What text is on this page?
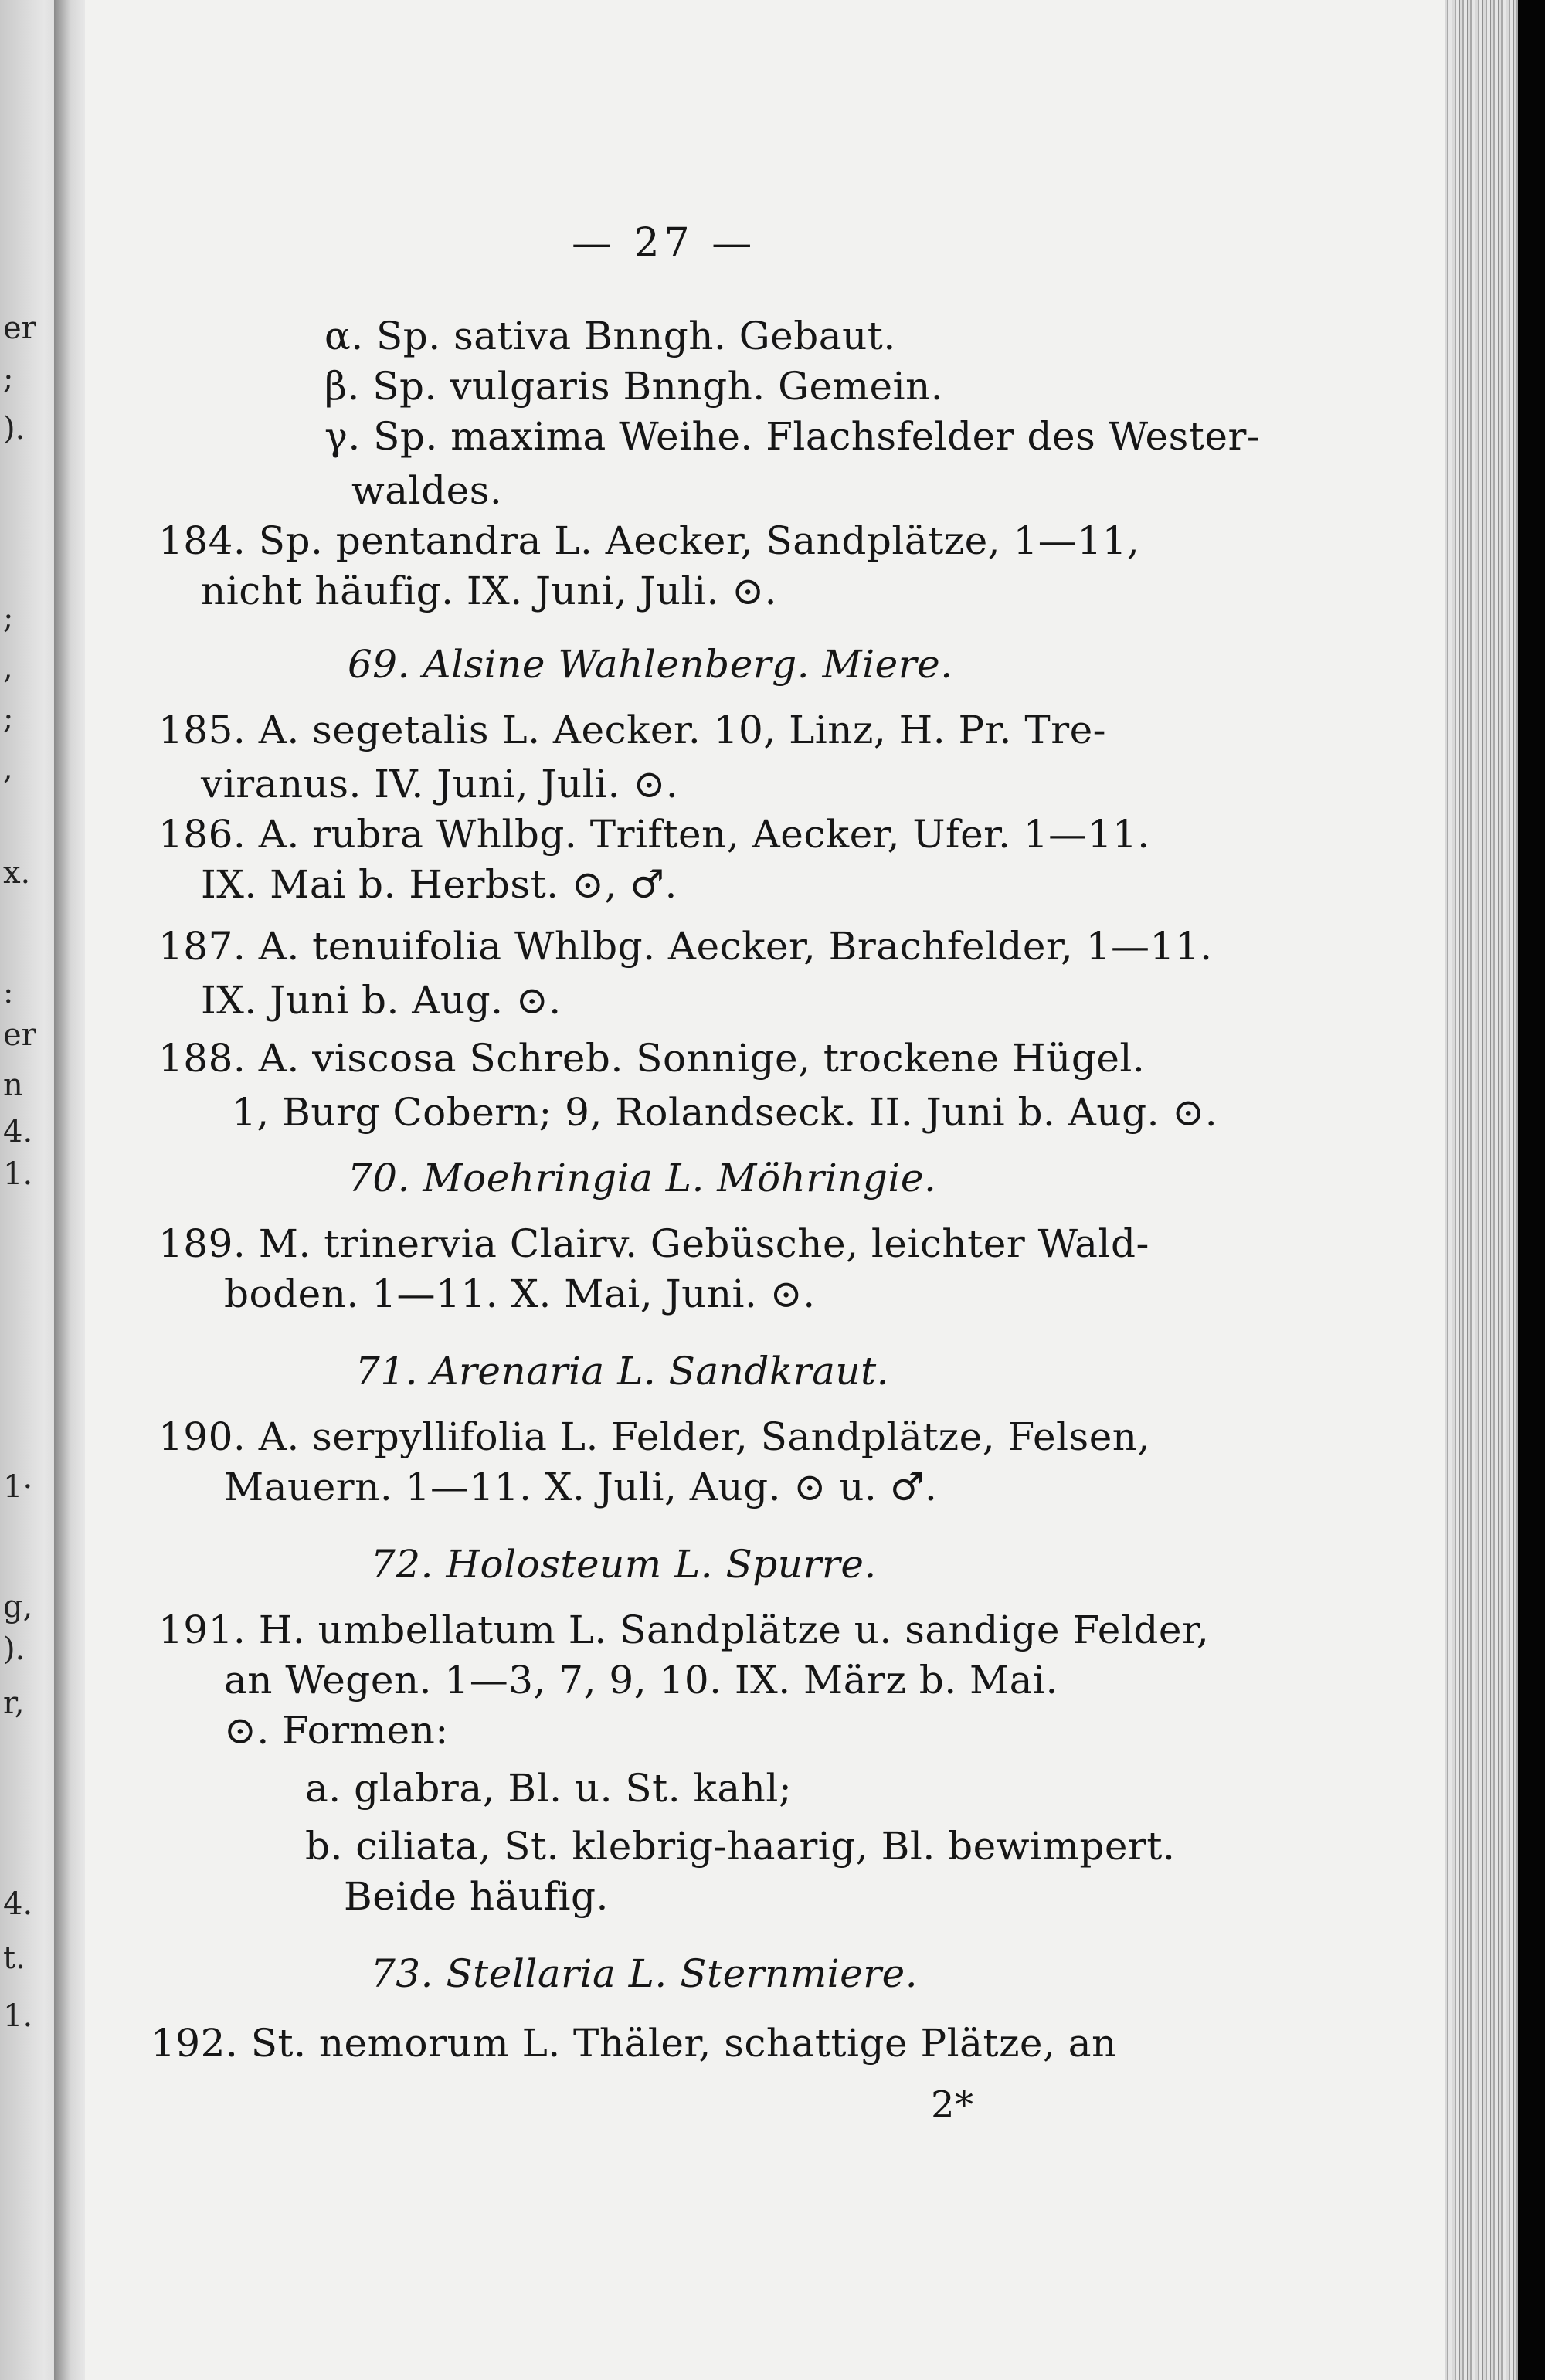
er
;
).
;
,
;
,
x.
:
er
n
4.
1.
1·
g,
).
r,
4.
t.
1.
— 27 —
α. Sp. sativa Bnngh. Gebaut.
β. Sp. vulgaris Bnngh. Gemein.
γ. Sp. maxima Weihe. Flachsfelder des Wester-
waldes.
184. Sp. pentandra L. Aecker, Sandplätze, 1—11,
nicht häufig. IX. Juni, Juli. ⊙.
69. Alsine Wahlenberg. Miere.
185. A. segetalis L. Aecker. 10, Linz, H. Pr. Tre-
viranus. IV. Juni, Juli. ⊙.
186. A. rubra Whlbg. Triften, Aecker, Ufer. 1—11.
IX. Mai b. Herbst. ⊙, ♂.
187. A. tenuifolia Whlbg. Aecker, Brachfelder, 1—11.
IX. Juni b. Aug. ⊙.
188. A. viscosa Schreb. Sonnige, trockene Hügel.
1, Burg Cobern; 9, Rolandseck. II. Juni b. Aug. ⊙.
70. Moehringia L. Möhringie.
189. M. trinervia Clairv. Gebüsche, leichter Wald-
boden. 1—11. X. Mai, Juni. ⊙.
71. Arenaria L. Sandkraut.
190. A. serpyllifolia L. Felder, Sandplätze, Felsen,
Mauern. 1—11. X. Juli, Aug. ⊙ u. ♂.
72. Holosteum L. Spurre.
191. H. umbellatum L. Sandplätze u. sandige Felder,
an Wegen. 1—3, 7, 9, 10. IX. März b. Mai.
⊙. Formen:
a. glabra, Bl. u. St. kahl;
b. ciliata, St. klebrig-haarig, Bl. bewimpert.
Beide häufig.
73. Stellaria L. Sternmiere.
192. St. nemorum L. Thäler, schattige Plätze, an
2*
